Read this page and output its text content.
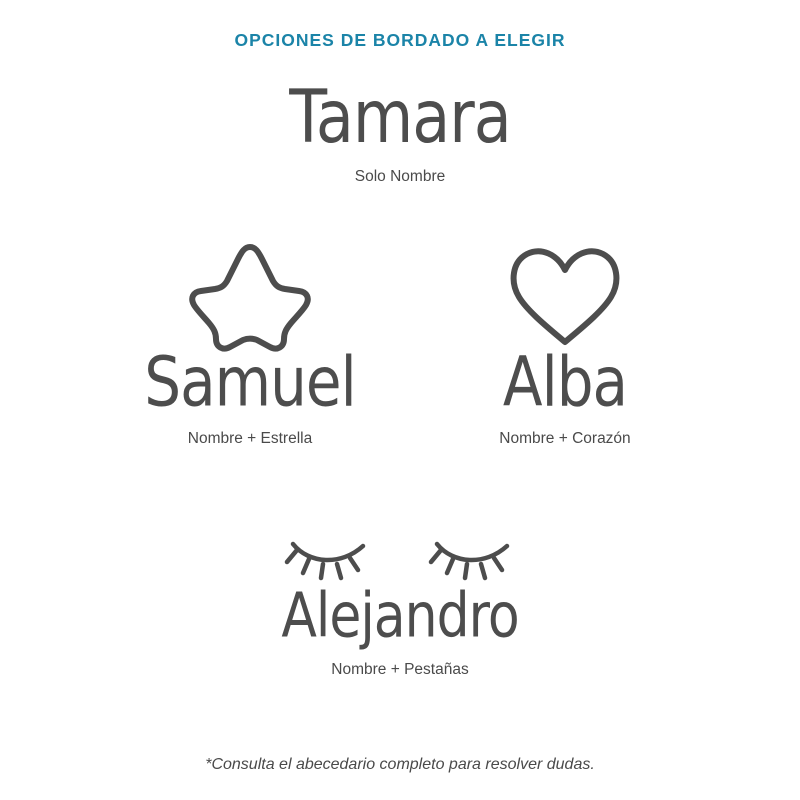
OPCIONES DE BORDADO A ELEGIR
Tamara
Solo Nombre
Samuel
Nombre + Estrella
Alba
Nombre + Corazón
Alejandro
Nombre + Pestañas
*Consulta el abecedario completo para resolver dudas.
